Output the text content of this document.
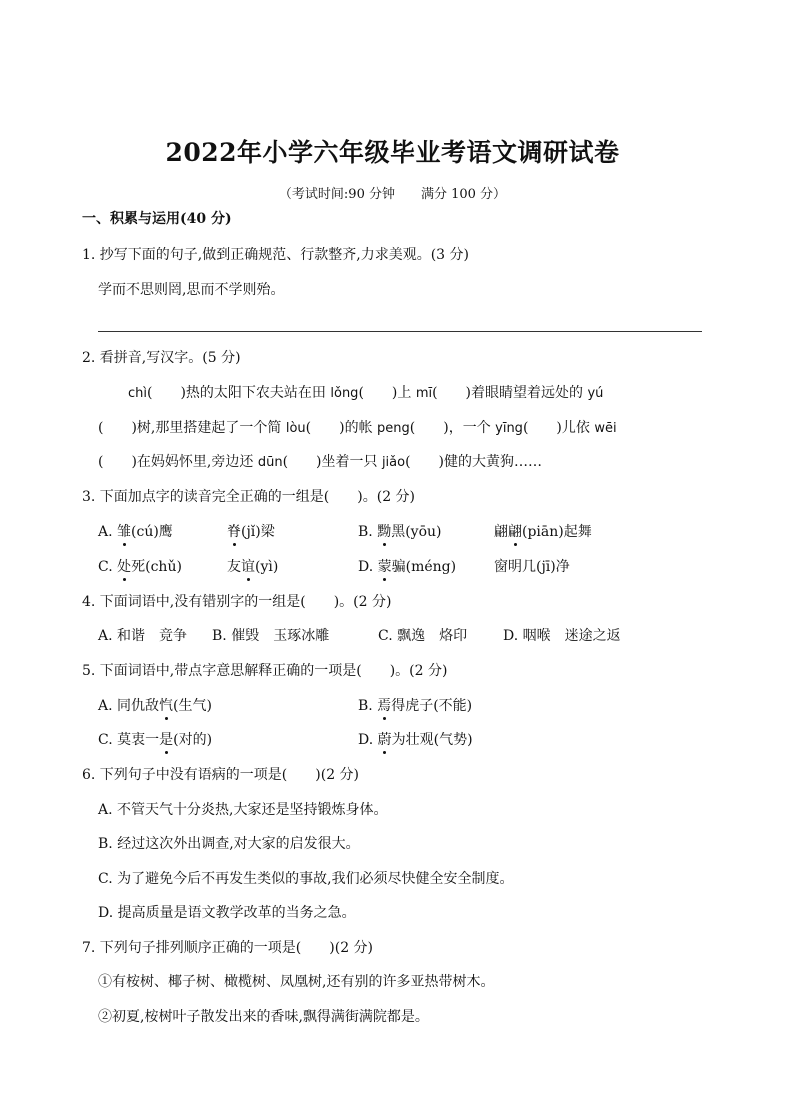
2022年小学六年级毕业考语文调研试卷
（考试时间:90 分钟　　满分 100 分）
一、积累与运用(40 分)
1. 抄写下面的句子,做到正确规范、行款整齐,力求美观。(3 分)
学而不思则罔,思而不学则殆。
2. 看拼音,写汉字。(5 分)
chì(　　)热的太阳下农夫站在田 lǒng(　　)上 mī(　　)着眼睛望着远处的 yú
(　　)树,那里搭建起了一个简 lòu(　　)的帐 peng(　　)，一个 yīng(　　)儿依 wēi
(　　)在妈妈怀里,旁边还 dūn(　　)坐着一只 jiǎo(　　)健的大黄狗……
3. 下面加点字的读音完全正确的一组是(　　)。(2 分)
A. 雏(cú)鹰	脊(jǐ)梁	B. 黝黑(yōu)	翩翩(piān)起舞
C. 处死(chǔ)	友谊(yì)	D. 蒙骗(méng)	窗明几(jī)净
4. 下面词语中,没有错别字的一组是(　　)。(2 分)
A. 和谐　竞争 B. 催毁　玉琢冰雕	C. 飘逸　烙印	D. 咽喉　迷途之返
5. 下面词语中,带点字意思解释正确的一项是(　　)。(2 分)
A. 同仇敌忾(生气)	B. 焉得虎子(不能)
C. 莫衷一是(对的)	D. 蔚为壮观(气势)
6. 下列句子中没有语病的一项是(　　)(2 分)
A. 不管天气十分炎热,大家还是坚持锻炼身体。
B. 经过这次外出调查,对大家的启发很大。
C. 为了避免今后不再发生类似的事故,我们必须尽快健全安全制度。
D. 提高质量是语文教学改革的当务之急。
7. 下列句子排列顺序正确的一项是(　　)(2 分)
①有桉树、椰子树、橄榄树、凤凰树,还有别的许多亚热带树木。
②初夏,桉树叶子散发出来的香味,飘得满街满院都是。
